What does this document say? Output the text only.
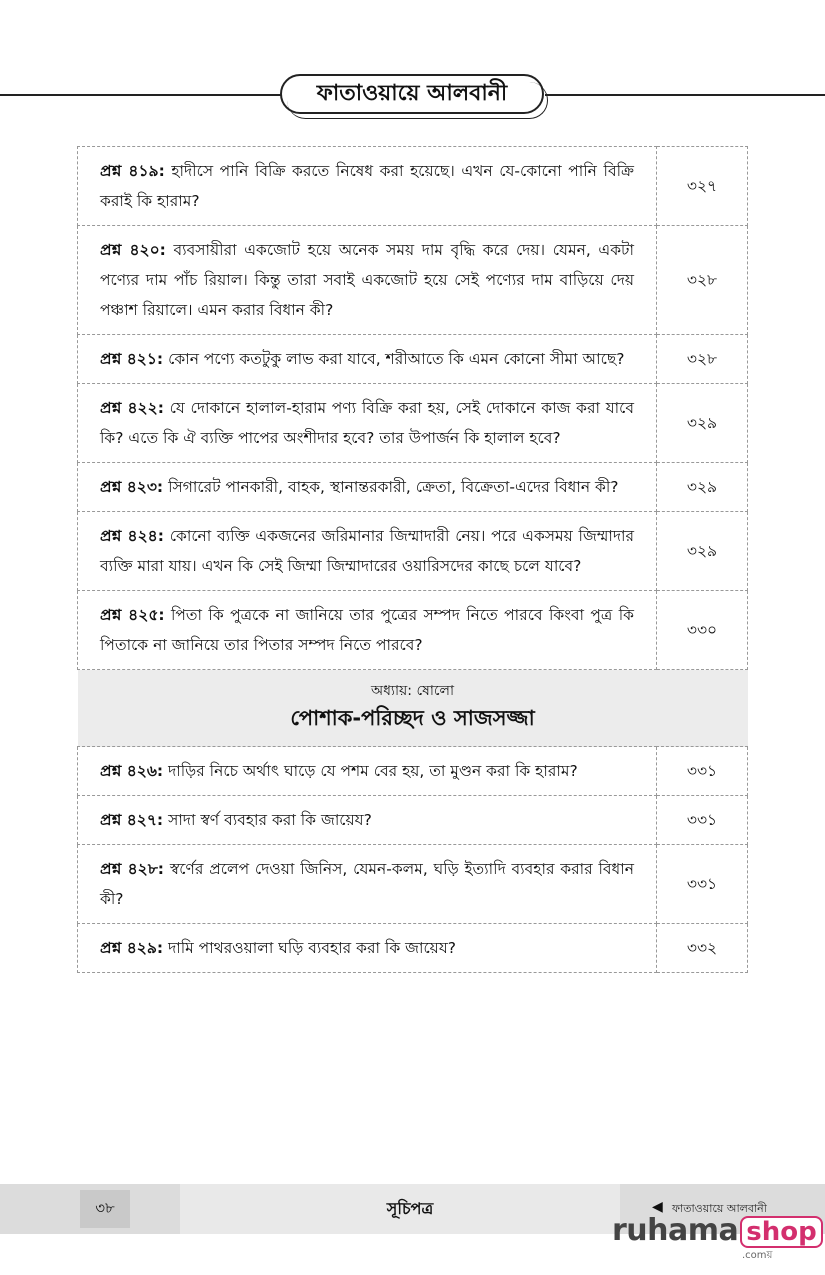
ফাতাওয়ায়ে আলবানী
প্রশ্ন ৪১৯: হাদীসে পানি বিক্রি করতে নিষেধ করা হয়েছে। এখন যে-কোনো পানি বিক্রি করাই কি হারাম?	৩২৭
প্রশ্ন ৪২০: ব্যবসায়ীরা একজোট হয়ে অনেক সময় দাম বৃদ্ধি করে দেয়। যেমন, একটা পণ্যের দাম পাঁচ রিয়াল। কিন্তু তারা সবাই একজোট হয়ে সেই পণ্যের দাম বাড়িয়ে দেয় পঞ্চাশ রিয়ালে। এমন করার বিধান কী?	৩২৮
প্রশ্ন ৪২১: কোন পণ্যে কতটুকু লাভ করা যাবে, শরীআতে কি এমন কোনো সীমা আছে?	৩২৮
প্রশ্ন ৪২২: যে দোকানে হালাল-হারাম পণ্য বিক্রি করা হয়, সেই দোকানে কাজ করা যাবে কি? এতে কি ঐ ব্যক্তি পাপের অংশীদার হবে? তার উপার্জন কি হালাল হবে?	৩২৯
প্রশ্ন ৪২৩: সিগারেট পানকারী, বাহক, স্থানান্তরকারী, ক্রেতা, বিক্রেতা-এদের বিধান কী?	৩২৯
প্রশ্ন ৪২৪: কোনো ব্যক্তি একজনের জরিমানার জিম্মাদারী নেয়। পরে একসময় জিম্মাদার ব্যক্তি মারা যায়। এখন কি সেই জিম্মা জিম্মাদারের ওয়ারিসদের কাছে চলে যাবে?	৩২৯
প্রশ্ন ৪২৫: পিতা কি পুত্রকে না জানিয়ে তার পুত্রের সম্পদ নিতে পারবে কিংবা পুত্র কি পিতাকে না জানিয়ে তার পিতার সম্পদ নিতে পারবে?	৩৩০

অধ্যায়: ষোলো
পোশাক-পরিচ্ছদ ও সাজসজ্জা	

প্রশ্ন ৪২৬: দাড়ির নিচে অর্থাৎ ঘাড়ে যে পশম বের হয়, তা মুণ্ডন করা কি হারাম?	৩৩১
প্রশ্ন ৪২৭: সাদা স্বর্ণ ব্যবহার করা কি জায়েয?	৩৩১
প্রশ্ন ৪২৮: স্বর্ণের প্রলেপ দেওয়া জিনিস, যেমন-কলম, ঘড়ি ইত্যাদি ব্যবহার করার বিধান কী?	৩৩১
প্রশ্ন ৪২৯: দামি পাথরওয়ালা ঘড়ি ব্যবহার করা কি জায়েয?	৩৩২
৩৮	সূচিপত্র	◀ ফাতাওয়ায়ে আলবানী
ruhama shop
.comয়
